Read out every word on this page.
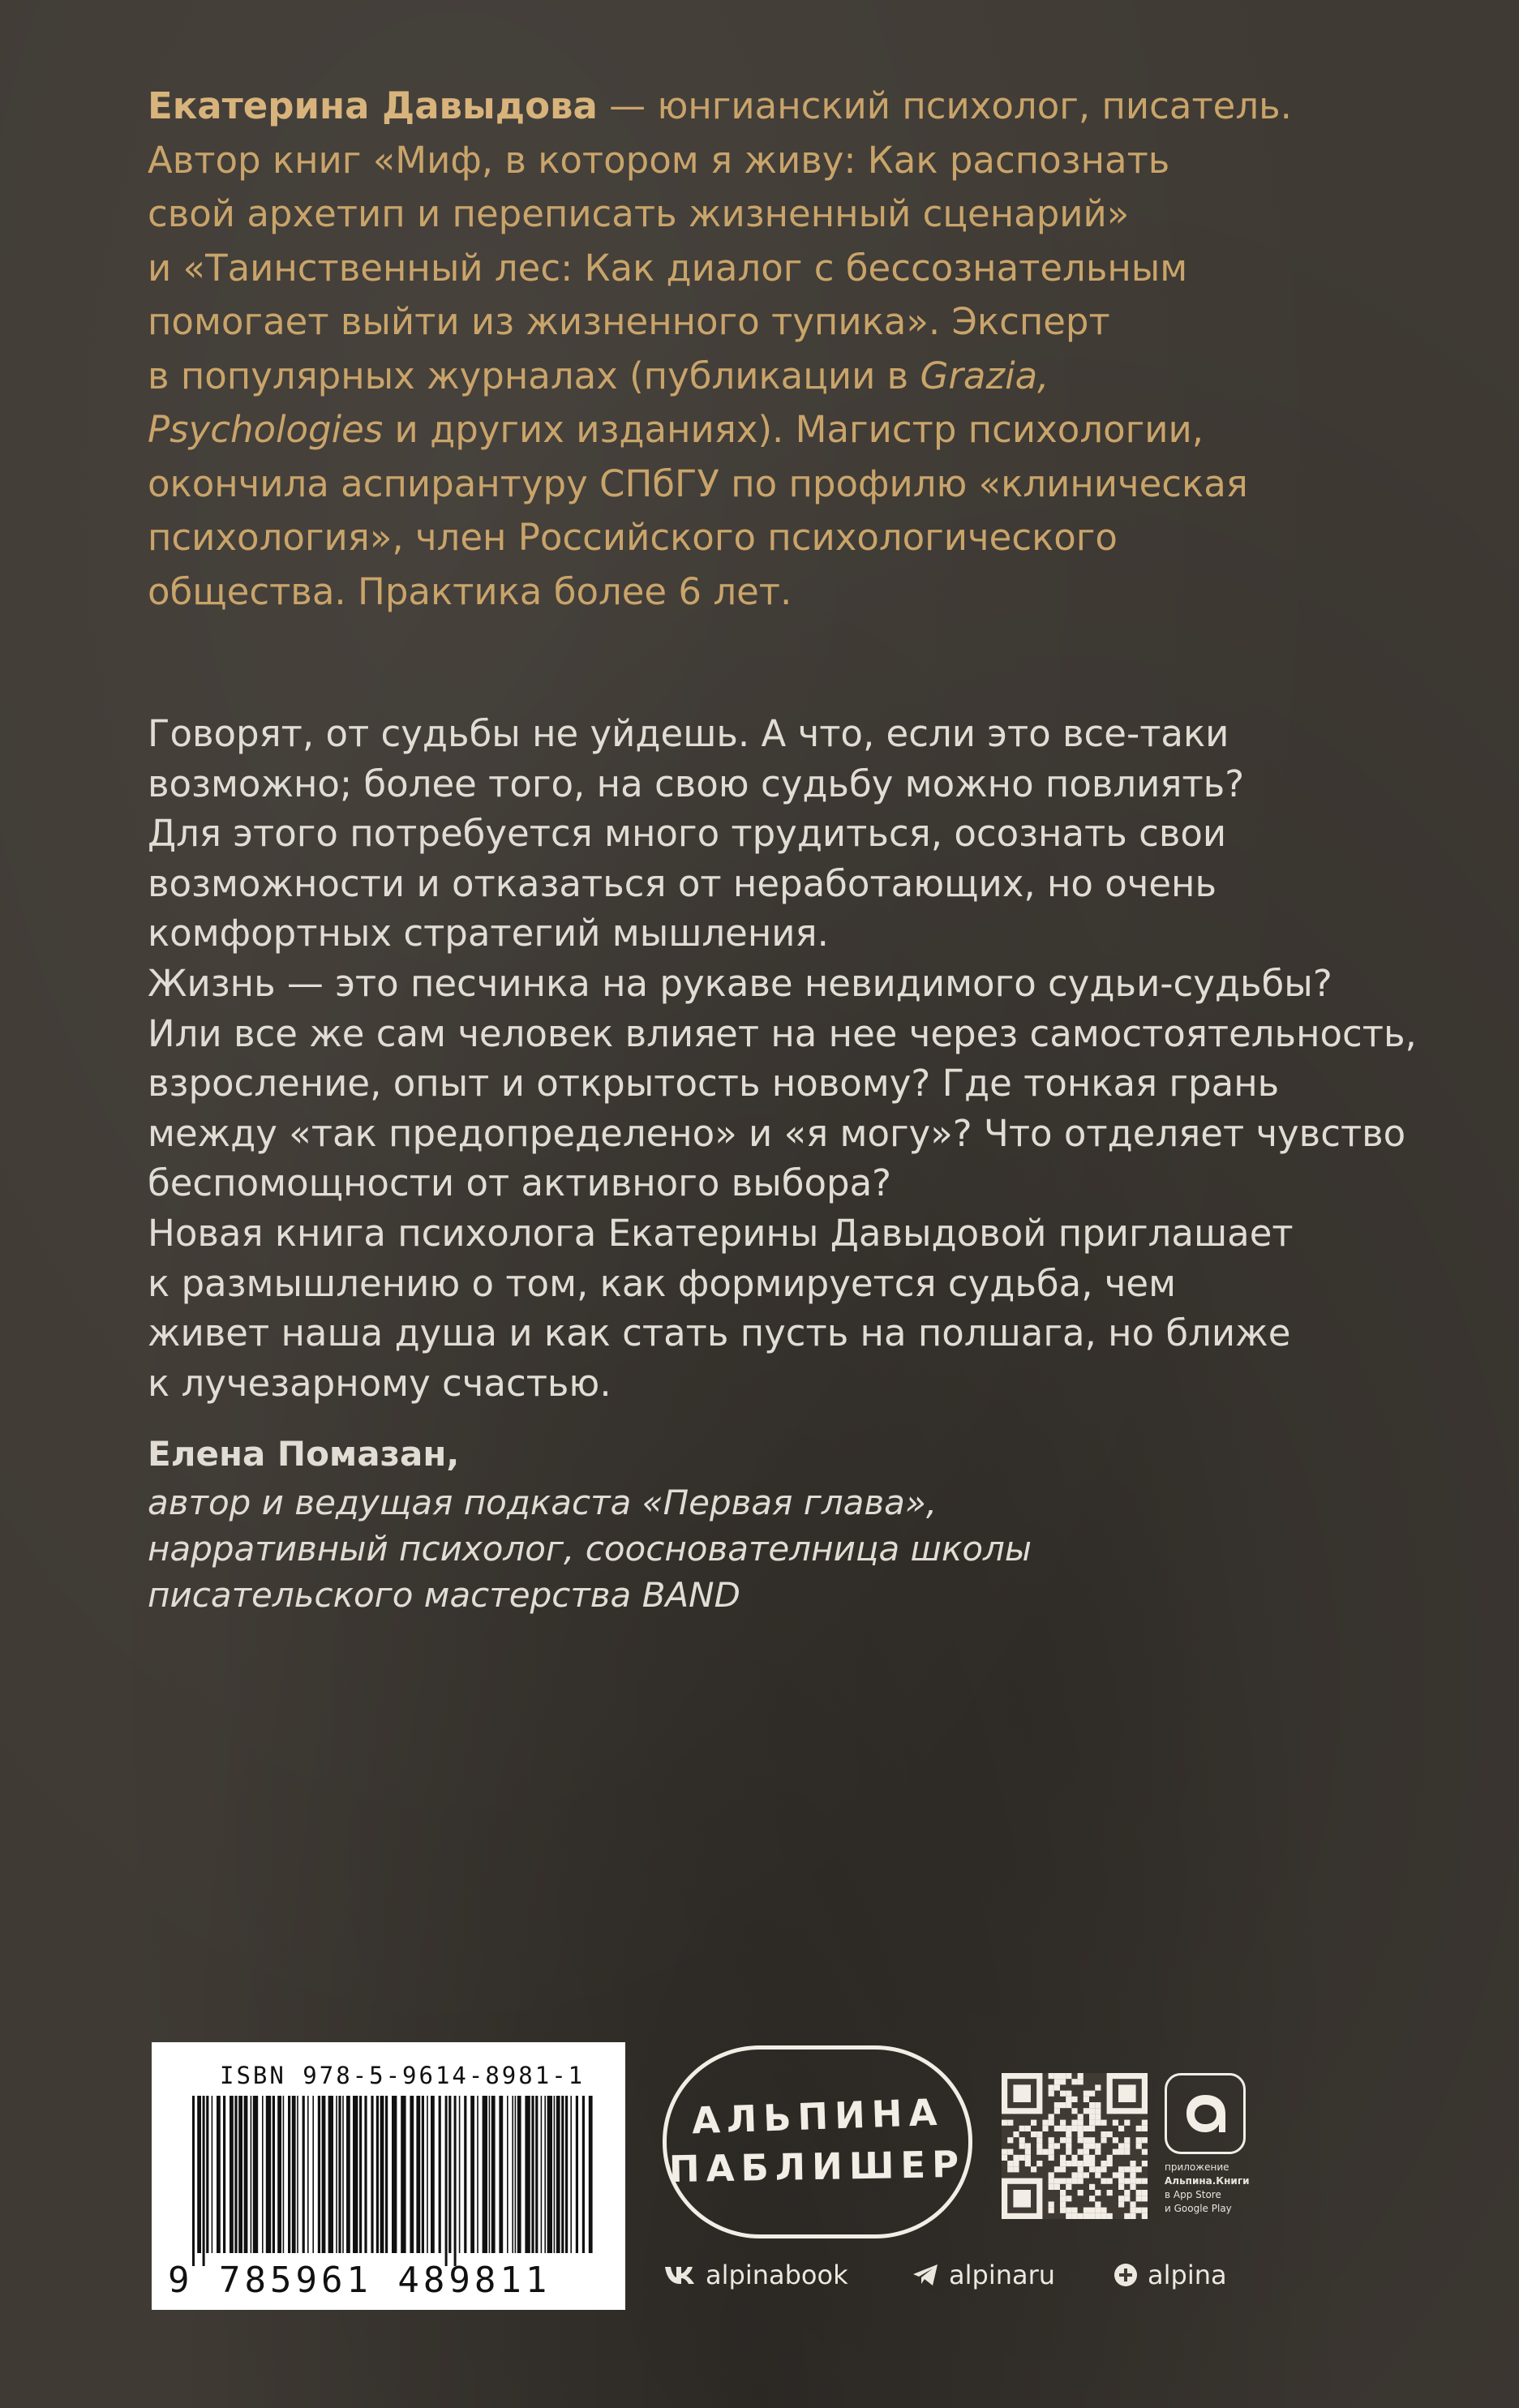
Екатерина Давыдова — юнгианский психолог, писатель.

Автор книг «Миф, в котором я живу: Как распознать

свой архетип и переписать жизненный сценарий»

и «Таинственный лес: Как диалог с бессознательным

помогает выйти из жизненного тупика». Эксперт

в популярных журналах (публикации в Grazia,

Psychologies и других изданиях). Магистр психологии,

окончила аспирантуру СПбГУ по профилю «клиническая

психология», член Российского психологического

общества. Практика более 6 лет.

Говорят, от судьбы не уйдешь. А что, если это все-таки

возможно; более того, на свою судьбу можно повлиять?

Для этого потребуется много трудиться, осознать свои

возможности и отказаться от неработающих, но очень

комфортных стратегий мышления.

Жизнь — это песчинка на рукаве невидимого судьи-судьбы?

Или все же сам человек влияет на нее через самостоятельность,

взросление, опыт и открытость новому? Где тонкая грань

между «так предопределено» и «я могу»? Что отделяет чувство

беспомощности от активного выбора?

Новая книга психолога Екатерины Давыдовой приглашает

к размышлению о том, как формируется судьба, чем

живет наша душа и как стать пусть на полшага, но ближе

к лучезарному счастью.

Елена Помазан,

автор и ведущая подкаста «Первая глава»,

нарративный психолог, сооснователница школы

писательского мастерства BAND

ISBN 978-5-9614-8981-1
9 785961 489811
АЛЬПИНА
ПАБЛИШЕР	приложение
Альпина.Книги
в App Store
и Google Play
alpinabook	alpinaru	alpina
